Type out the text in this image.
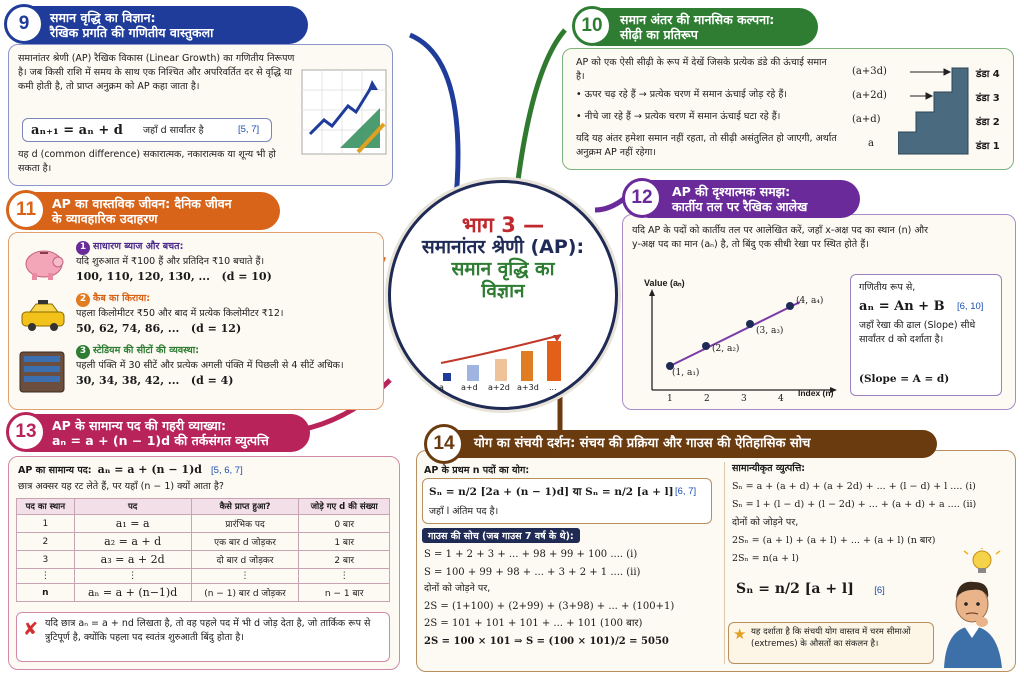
भाग 3 —
समानांतर श्रेणी (AP):
समान वृद्धि का
विज्ञान
a a+d a+2d a+3d ...
समान वृद्धि का विज्ञान:
रैखिक प्रगति की गणितीय वास्तुकला
9
समानांतर श्रेणी (AP) रैखिक विकास (Linear Growth) का गणितीय निरूपण है। जब किसी राशि में समय के साथ एक निश्चित और अपरिवर्तित दर से वृद्धि या कमी होती है, तो प्राप्त अनुक्रम को AP कहा जाता है।
aₙ₊₁ = aₙ + d जहाँ d सार्वांतर है	[5, 7]
यह d (common difference) सकारात्मक, नकारात्मक या शून्य भी हो सकता है।
समान अंतर की मानसिक कल्पना:
सीढ़ी का प्रतिरूप
10
AP को एक ऐसी सीढ़ी के रूप में देखें जिसके प्रत्येक डंडे की ऊंचाई समान है।
• ऊपर चढ़ रहे हैं → प्रत्येक चरण में समान ऊंचाई जोड़ रहे हैं।
• नीचे जा रहे हैं → प्रत्येक चरण में समान ऊंचाई घटा रहे हैं।
यदि यह अंतर हमेशा समान नहीं रहता, तो सीढ़ी असंतुलित हो जाएगी, अर्थात अनुक्रम AP नहीं रहेगा।
(a+3d)
(a+2d)
(a+d)
a
डंडा 4
डंडा 3
डंडा 2
डंडा 1
AP का वास्तविक जीवन: दैनिक जीवन
के व्यावहारिक उदाहरण
11
1 साधारण ब्याज और बचत:
यदि शुरुआत में ₹100 हैं और प्रतिदिन ₹10 बचाते हैं।
100, 110, 120, 130, ... (d = 10)
2 कैब का किराया:
पहला किलोमीटर ₹50 और बाद में प्रत्येक किलोमीटर ₹12।
50, 62, 74, 86, ... (d = 12)
3 स्टेडियम की सीटों की व्यवस्था:
पहली पंक्ति में 30 सीटें और प्रत्येक अगली पंक्ति में पिछली से 4 सीटें अधिक।
30, 34, 38, 42, ... (d = 4)
AP की दृश्यात्मक समझ:
कार्तीय तल पर रैखिक आलेख
12
यदि AP के पदों को कार्तीय तल पर आलेखित करें, जहाँ x-अक्ष पद का स्थान (n) और y-अक्ष पद का मान (aₙ) है, तो बिंदु एक सीधी रेखा पर स्थित होते हैं।
Value (aₙ)
Index (n)
1	2	3	4
(1, a₁)
(2, a₂)
(3, a₃)
(4, a₄)
गणितीय रूप से,
aₙ = An + B [6, 10]
जहाँ रेखा की ढाल (Slope) सीधे सार्वांतर d को दर्शाता है।
(Slope = A = d)
AP के सामान्य पद की गहरी व्याख्या:
aₙ = a + (n − 1)d की तर्कसंगत व्युत्पत्ति
13
AP का सामान्य पद: aₙ = a + (n − 1)d [5, 6, 7]
छात्र अक्सर यह रट लेते हैं, पर यहाँ (n − 1) क्यों आता है?
पद का स्थान	पद	कैसे प्राप्त हुआ?	जोड़े गए d की संख्या
1	a₁ = a	प्रारंभिक पद	0 बार
2	a₂ = a + d	एक बार d जोड़कर	1 बार
3	a₃ = a + 2d	दो बार d जोड़कर	2 बार
⋮	⋮	⋮	⋮
n	aₙ = a + (n−1)d	(n − 1) बार d जोड़कर	n − 1 बार
✘ यदि छात्र aₙ = a + nd लिखता है, तो वह पहले पद में भी d जोड़ देता है, जो तार्किक रूप से त्रुटिपूर्ण है, क्योंकि पहला पद स्वतंत्र शुरुआती बिंदु होता है।
योग का संचयी दर्शन: संचय की प्रक्रिया और गाउस की ऐतिहासिक सोच
14
AP के प्रथम n पदों का योग:
Sₙ = n/2 [2a + (n − 1)d] या Sₙ = n/2 [a + l] [6, 7]
जहाँ l अंतिम पद है।
गाउस की सोच (जब गाउस 7 वर्ष के थे):
S = 1 + 2 + 3 + ... + 98 + 99 + 100 .... (i)
S = 100 + 99 + 98 + ... + 3 + 2 + 1 .... (ii)
दोनों को जोड़ने पर,
2S = (1+100) + (2+99) + (3+98) + ... + (100+1)
2S = 101 + 101 + 101 + ... + 101 (100 बार)
2S = 100 × 101 ⇒ S = (100 × 101)/2 = 5050
सामान्यीकृत व्युत्पत्ति:
Sₙ = a + (a + d) + (a + 2d) + ... + (l − d) + l .... (i)
Sₙ = l + (l − d) + (l − 2d) + ... + (a + d) + a .... (ii)
दोनों को जोड़ने पर,
2Sₙ = (a + l) + (a + l) + ... + (a + l) (n बार)
2Sₙ = n(a + l)
Sₙ = n/2 [a + l] [6]
★ यह दर्शाता है कि संचयी योग वास्तव में चरम सीमाओं (extremes) के औसतों का संकलन है।
